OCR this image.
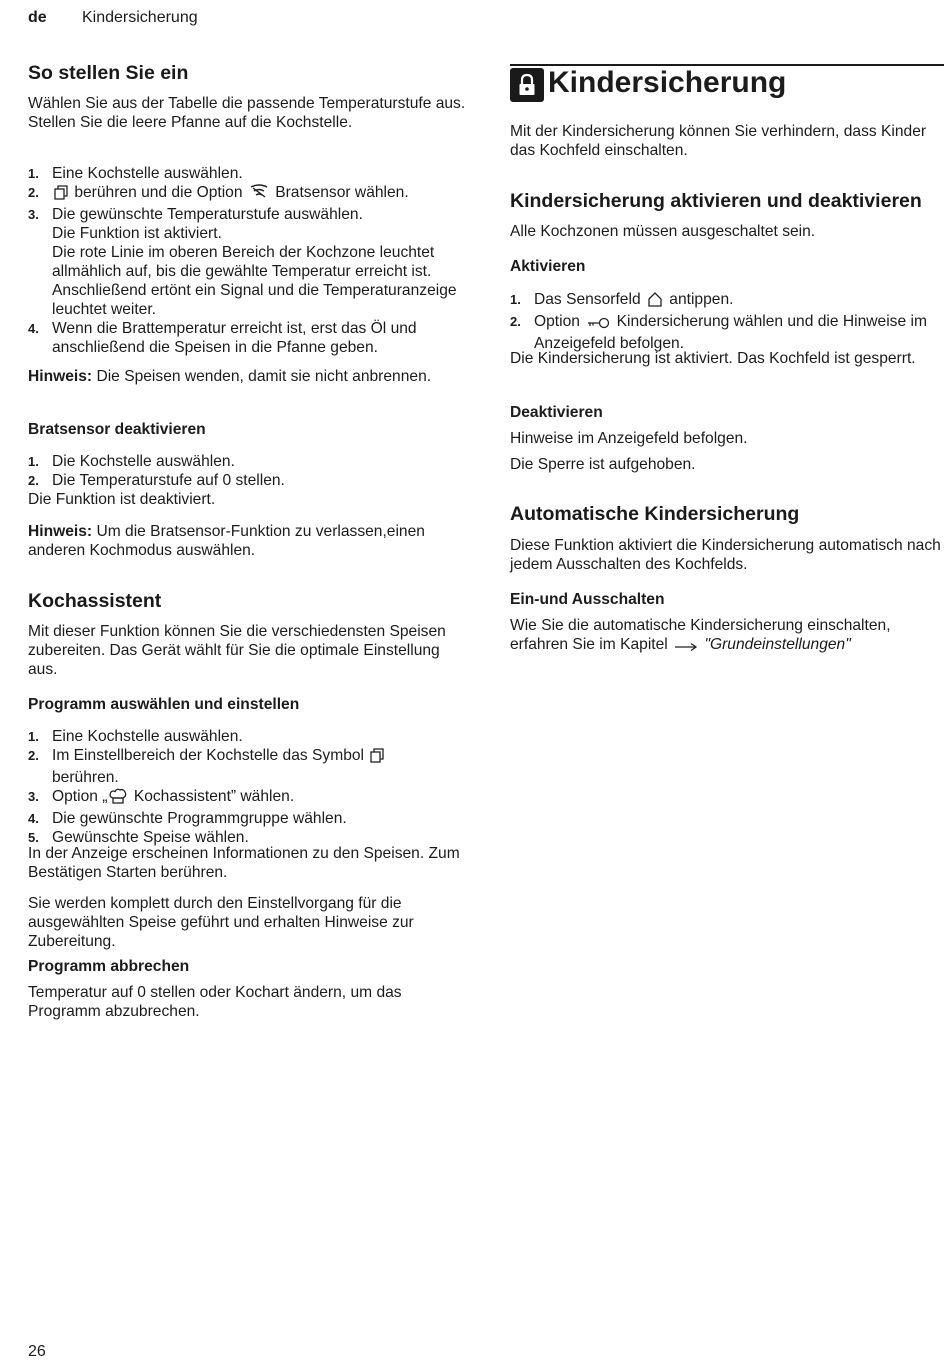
de Kindersicherung
So stellen Sie ein

Wählen Sie aus der Tabelle die passende Temperaturstufe aus. Stellen Sie die leere Pfanne auf die Kochstelle.

1. Eine Kochstelle auswählen.
2. berühren und die Option  Bratsensor wählen.
3. Die gewünschte Temperaturstufe auswählen.
Die Funktion ist aktiviert.
Die rote Linie im oberen Bereich der Kochzone leuchtet allmählich auf, bis die gewählte Temperatur erreicht ist. Anschließend ertönt ein Signal und die Temperaturanzeige leuchtet weiter.
4. Wenn die Brattemperatur erreicht ist, erst das Öl und anschließend die Speisen in die Pfanne geben.

Hinweis: Die Speisen wenden, damit sie nicht anbrennen.

Bratsensor deaktivieren
1. Die Kochstelle auswählen.
2. Die Temperaturstufe auf 0 stellen.

Die Funktion ist deaktiviert.

Hinweis: Um die Bratsensor-Funktion zu verlassen,einen anderen Kochmodus auswählen.

Kochassistent

Mit dieser Funktion können Sie die verschiedensten Speisen zubereiten. Das Gerät wählt für Sie die optimale Einstellung aus.

Programm auswählen und einstellen
1. Eine Kochstelle auswählen.
2. Im Einstellbereich der Kochstelle das Symbol
berühren.
3. Option „ Kochassistent” wählen.
4. Die gewünschte Programmgruppe wählen.
5. Gewünschte Speise wählen.

In der Anzeige erscheinen Informationen zu den Speisen. Zum Bestätigen Starten berühren.

Sie werden komplett durch den Einstellvorgang für die ausgewählten Speise geführt und erhalten Hinweise zur Zubereitung.

Programm abbrechen

Temperatur auf 0 stellen oder Kochart ändern, um das Programm abzubrechen.

Kindersicherung

Mit der Kindersicherung können Sie verhindern, dass Kinder das Kochfeld einschalten.

Kindersicherung aktivieren und deaktivieren

Alle Kochzonen müssen ausgeschaltet sein.

Aktivieren
1. Das Sensorfeld  antippen.
2. Option  Kindersicherung wählen und die Hinweise im Anzeigefeld befolgen.

Die Kindersicherung ist aktiviert. Das Kochfeld ist gesperrt.

Deaktivieren

Hinweise im Anzeigefeld befolgen.

Die Sperre ist aufgehoben.

Automatische Kindersicherung

Diese Funktion aktiviert die Kindersicherung automatisch nach jedem Ausschalten des Kochfelds.

Ein-und Ausschalten

Wie Sie die automatische Kindersicherung einschalten, erfahren Sie im Kapitel  "Grundeinstellungen"

26
